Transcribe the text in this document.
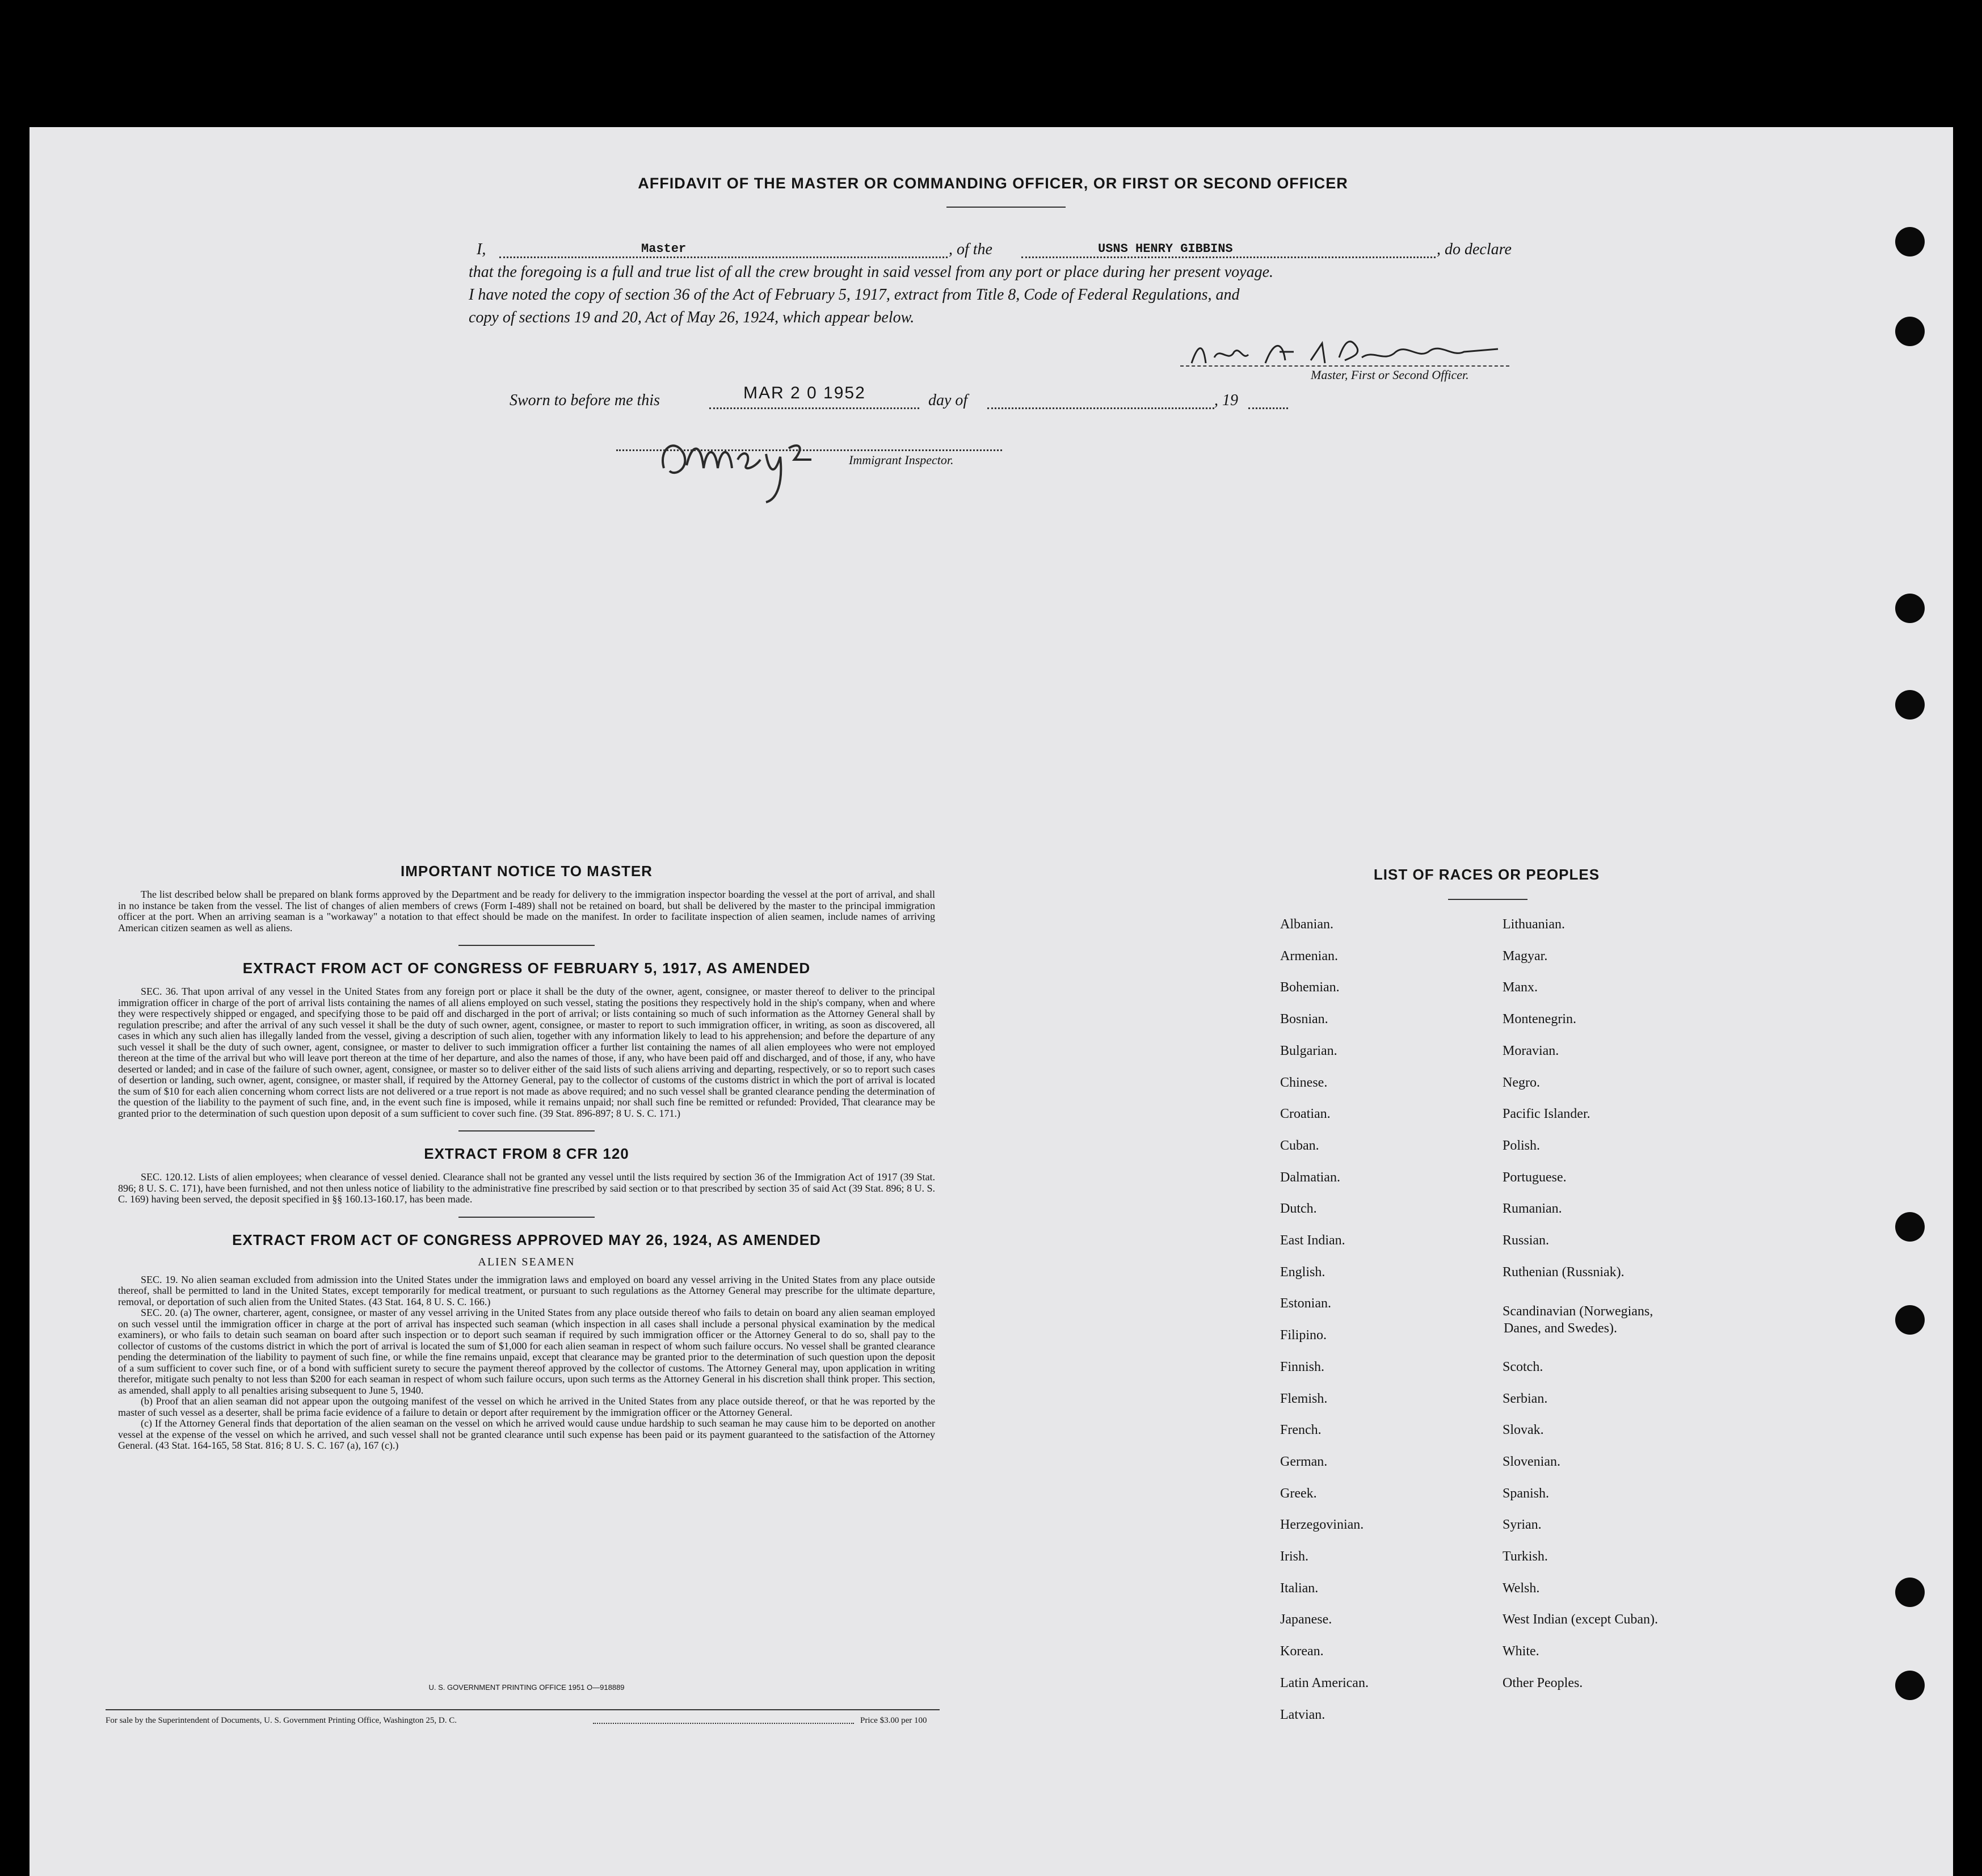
AFFIDAVIT OF THE MASTER OR COMMANDING OFFICER, OR FIRST OR SECOND OFFICER
I,	Master	, of the	USNS HENRY GIBBINS	, do declare
that the foregoing is a full and true list of all the crew brought in said vessel from any port or place during her present voyage.
I have noted the copy of section 36 of the Act of February 5, 1917, extract from Title 8, Code of Federal Regulations, and
copy of sections 19 and 20, Act of May 26, 1924, which appear below.
Master, First or Second Officer.
Sworn to before me this	MAR 2 0 1952	day of	, 19
Immigrant Inspector.
IMPORTANT NOTICE TO MASTER

The list described below shall be prepared on blank forms approved by the Department and be ready for delivery to the immigration inspector boarding the vessel at the port of arrival, and shall in no instance be taken from the vessel. The list of changes of alien members of crews (Form I-489) shall not be retained on board, but shall be delivered by the master to the principal immigration officer at the port. When an arriving seaman is a "workaway" a notation to that effect should be made on the manifest. In order to facilitate inspection of alien seamen, include names of arriving American citizen seamen as well as aliens.

EXTRACT FROM ACT OF CONGRESS OF FEBRUARY 5, 1917, AS AMENDED

SEC. 36. That upon arrival of any vessel in the United States from any foreign port or place it shall be the duty of the owner, agent, consignee, or master thereof to deliver to the principal immigration officer in charge of the port of arrival lists containing the names of all aliens employed on such vessel, stating the positions they respectively hold in the ship's company, when and where they were respectively shipped or engaged, and specifying those to be paid off and discharged in the port of arrival; or lists containing so much of such information as the Attorney General shall by regulation prescribe; and after the arrival of any such vessel it shall be the duty of such owner, agent, consignee, or master to report to such immigration officer, in writing, as soon as discovered, all cases in which any such alien has illegally landed from the vessel, giving a description of such alien, together with any information likely to lead to his apprehension; and before the departure of any such vessel it shall be the duty of such owner, agent, consignee, or master to deliver to such immigration officer a further list containing the names of all alien employees who were not employed thereon at the time of the arrival but who will leave port thereon at the time of her departure, and also the names of those, if any, who have been paid off and discharged, and of those, if any, who have deserted or landed; and in case of the failure of such owner, agent, consignee, or master so to deliver either of the said lists of such aliens arriving and departing, respectively, or so to report such cases of desertion or landing, such owner, agent, consignee, or master shall, if required by the Attorney General, pay to the collector of customs of the customs district in which the port of arrival is located the sum of $10 for each alien concerning whom correct lists are not delivered or a true report is not made as above required; and no such vessel shall be granted clearance pending the determination of the question of the liability to the payment of such fine, and, in the event such fine is imposed, while it remains unpaid; nor shall such fine be remitted or refunded: Provided, That clearance may be granted prior to the determination of such question upon deposit of a sum sufficient to cover such fine. (39 Stat. 896-897; 8 U. S. C. 171.)

EXTRACT FROM 8 CFR 120

SEC. 120.12. Lists of alien employees; when clearance of vessel denied. Clearance shall not be granted any vessel until the lists required by section 36 of the Immigration Act of 1917 (39 Stat. 896; 8 U. S. C. 171), have been furnished, and not then unless notice of liability to the administrative fine prescribed by said section or to that prescribed by section 35 of said Act (39 Stat. 896; 8 U. S. C. 169) having been served, the deposit specified in §§ 160.13-160.17, has been made.

EXTRACT FROM ACT OF CONGRESS APPROVED MAY 26, 1924, AS AMENDED
ALIEN SEAMEN

SEC. 19. No alien seaman excluded from admission into the United States under the immigration laws and employed on board any vessel arriving in the United States from any place outside thereof, shall be permitted to land in the United States, except temporarily for medical treatment, or pursuant to such regulations as the Attorney General may prescribe for the ultimate departure, removal, or deportation of such alien from the United States. (43 Stat. 164, 8 U. S. C. 166.)

SEC. 20. (a) The owner, charterer, agent, consignee, or master of any vessel arriving in the United States from any place outside thereof who fails to detain on board any alien seaman employed on such vessel until the immigration officer in charge at the port of arrival has inspected such seaman (which inspection in all cases shall include a personal physical examination by the medical examiners), or who fails to detain such seaman on board after such inspection or to deport such seaman if required by such immigration officer or the Attorney General to do so, shall pay to the collector of customs of the customs district in which the port of arrival is located the sum of $1,000 for each alien seaman in respect of whom such failure occurs. No vessel shall be granted clearance pending the determination of the liability to payment of such fine, or while the fine remains unpaid, except that clearance may be granted prior to the determination of such question upon the deposit of a sum sufficient to cover such fine, or of a bond with sufficient surety to secure the payment thereof approved by the collector of customs. The Attorney General may, upon application in writing therefor, mitigate such penalty to not less than $200 for each seaman in respect of whom such failure occurs, upon such terms as the Attorney General in his discretion shall think proper. This section, as amended, shall apply to all penalties arising subsequent to June 5, 1940.

(b) Proof that an alien seaman did not appear upon the outgoing manifest of the vessel on which he arrived in the United States from any place outside thereof, or that he was reported by the master of such vessel as a deserter, shall be prima facie evidence of a failure to detain or deport after requirement by the immigration officer or the Attorney General.

(c) If the Attorney General finds that deportation of the alien seaman on the vessel on which he arrived would cause undue hardship to such seaman he may cause him to be deported on another vessel at the expense of the vessel on which he arrived, and such vessel shall not be granted clearance until such expense has been paid or its payment guaranteed to the satisfaction of the Attorney General. (43 Stat. 164-165, 58 Stat. 816; 8 U. S. C. 167 (a), 167 (c).)

U. S. GOVERNMENT PRINTING OFFICE 1951 O—918889
For sale by the Superintendent of Documents, U. S. Government Printing Office, Washington 25, D. C.	Price $3.00 per 100
LIST OF RACES OR PEOPLES
Albanian.
Armenian.
Bohemian.
Bosnian.
Bulgarian.
Chinese.
Croatian.
Cuban.
Dalmatian.
Dutch.
East Indian.
English.
Estonian.
Filipino.
Finnish.
Flemish.
French.
German.
Greek.
Herzegovinian.
Irish.
Italian.
Japanese.
Korean.
Latin American.
Latvian.
Lithuanian.
Magyar.
Manx.
Montenegrin.
Moravian.
Negro.
Pacific Islander.
Polish.
Portuguese.
Rumanian.
Russian.
Ruthenian (Russniak).
Scandinavian (Norwegians,
Danes, and Swedes).
Scotch.
Serbian.
Slovak.
Slovenian.
Spanish.
Syrian.
Turkish.
Welsh.
West Indian (except Cuban).
White.
Other Peoples.
